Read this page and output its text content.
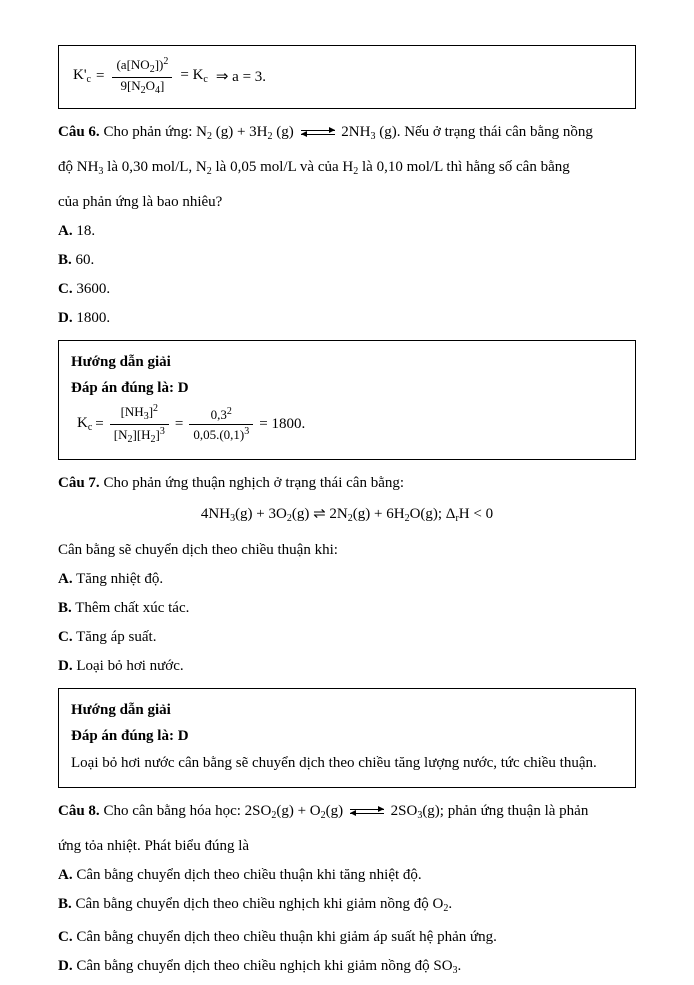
$K'_c = \frac{(a[NO_2])^2}{9[N_2O_4]} = K_c$ ⇒ a = 3.

Câu 6. Cho phản ứng: $N_2$ $(g) + 3H_2$ (g)	$2NH_3$ (g). Nếu ở trạng thái cân bằng nồng

độ $NH_3$ là 0,30 mol/L, $N_2$ là 0,05 mol/L và của $H_2$ là 0,10 mol/L thì hằng số cân bằng

của phản ứng là bao nhiêu?

A. 18.
B. 60.
C. 3600.
D. 1800.
Hướng dẫn giải
Đáp án đúng là: D
$K_c = \frac{[NH_3]^2}{[N_2][H_2]^3} = \frac{0,3^2}{0,05.(0,1)^3} = 1800$.

Câu 7. Cho phản ứng thuận nghịch ở trạng thái cân bằng:

$4NH_3(g) + 3O_2(g)$ ⇌ $2N_2(g) + 6H_2O(g)$; $\Delta_rH < 0$

Cân bằng sẽ chuyển dịch theo chiều thuận khi:

A. Tăng nhiệt độ.
B. Thêm chất xúc tác.
C. Tăng áp suất.
D. Loại bỏ hơi nước.
Hướng dẫn giải
Đáp án đúng là: D

Loại bỏ hơi nước cân bằng sẽ chuyển dịch theo chiều tăng lượng nước, tức chiều thuận.

Câu 8. Cho cân bằng hóa học: $2SO_2(g) + O_2(g)$	$2SO_3(g)$; phản ứng thuận là phản

ứng tỏa nhiệt. Phát biểu đúng là

A. Cân bằng chuyển dịch theo chiều thuận khi tăng nhiệt độ.
B. Cân bằng chuyển dịch theo chiều nghịch khi giảm nồng độ $O_2$.
C. Cân bằng chuyển dịch theo chiều thuận khi giảm áp suất hệ phản ứng.
D. Cân bằng chuyển dịch theo chiều nghịch khi giảm nồng độ $SO_3$.
